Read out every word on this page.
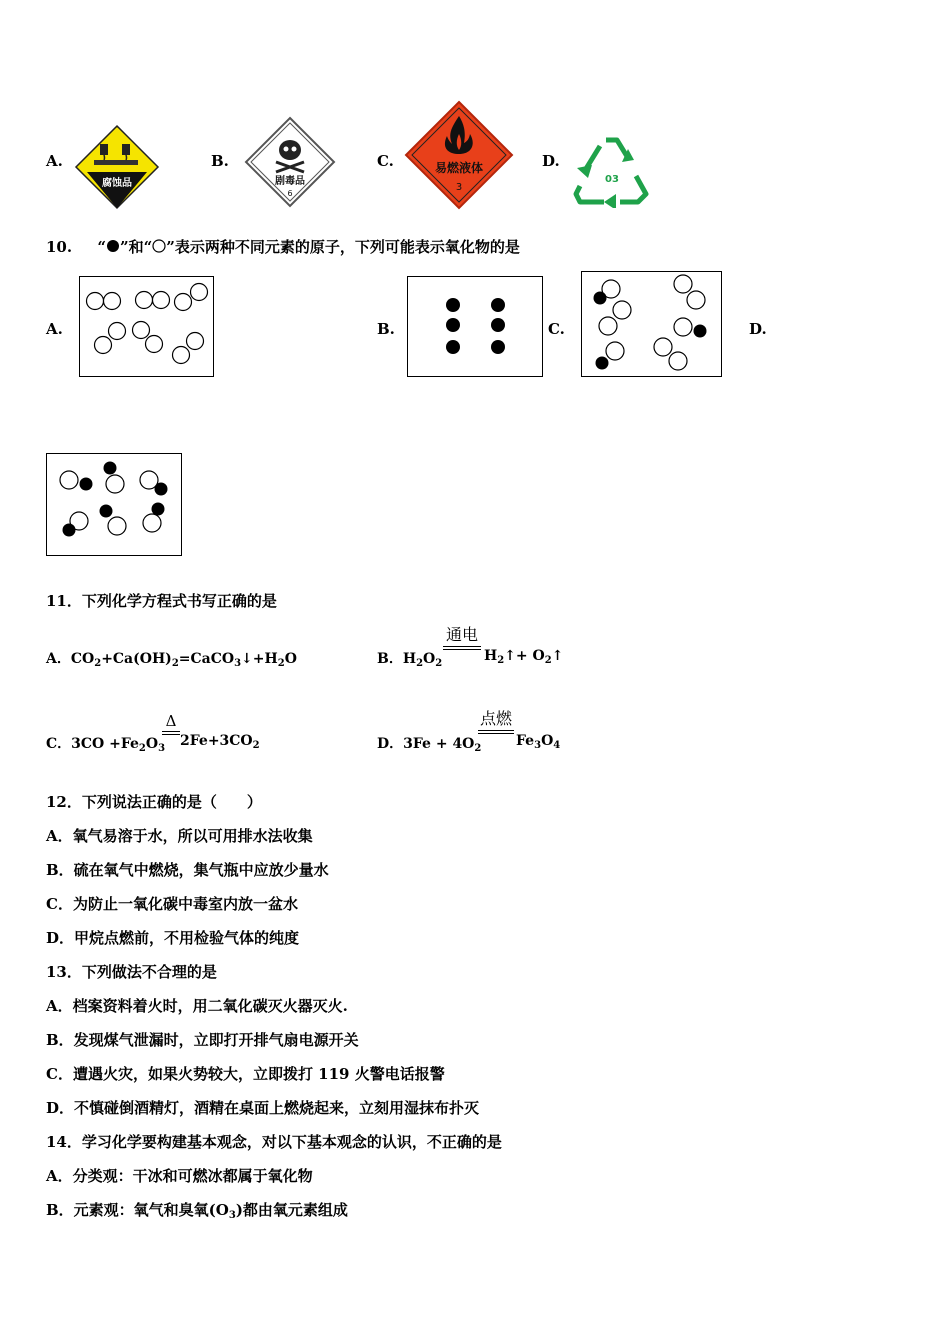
A.
腐蚀品
B.
剧毒品
6
C.	易燃液体
3
D.
03
10. “ ”和“ ”表示两种不同元素的原子，下列可能表示氧化物的是
A.	B.	C.	D.
11．下列化学方程式书写正确的是
A．$CO_2+Ca(OH)_2=CaCO_3↓+H_2O$	B．$H_2O_2$
通电
$H_2↑+$ $O_2↑$
C．$3CO +Fe_2O_3$
Δ
$2Fe+3CO_2$	D．$3Fe + 4O_2$
点燃
$Fe_3O_4$
12．下列说法正确的是（　　）
A．氧气易溶于水，所以可用排水法收集
B．硫在氧气中燃烧，集气瓶中应放少量水
C．为防止一氧化碳中毒室内放一盆水
D．甲烷点燃前，不用检验气体的纯度
13．下列做法不合理的是
A．档案资料着火时，用二氧化碳灭火器灭火.
B．发现煤气泄漏时，立即打开排气扇电源开关
C．遭遇火灾，如果火势较大，立即拨打 119 火警电话报警
D．不慎碰倒酒精灯，酒精在桌面上燃烧起来，立刻用湿抹布扑灭
14．学习化学要构建基本观念，对以下基本观念的认识，不正确的是
A．分类观：干冰和可燃冰都属于氧化物
B．元素观：氧气和臭氧$(O_3)$都由氧元素组成
